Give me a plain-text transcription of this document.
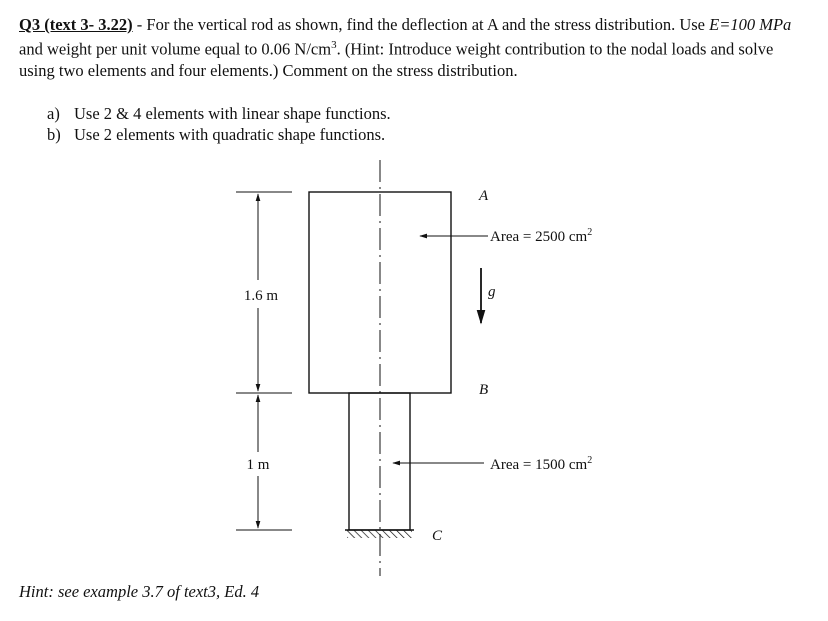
Q3 (text 3- 3.22) - For the vertical rod as shown, find the deflection at A and the stress distribution. Use E=100 MPa and weight per unit volume equal to 0.06 $N/cm^3$. (Hint: Introduce weight contribution to the nodal loads and solve using two elements and four elements.) Comment on the stress distribution.

a) Use 2 & 4 elements with linear shape functions.
b) Use 2 elements with quadratic shape functions.
1.6 m
1 m
A
B
C
Area = 2500 $cm^2$
Area = 1500 $cm^2$
g

Hint: see example 3.7 of text3, Ed. 4
